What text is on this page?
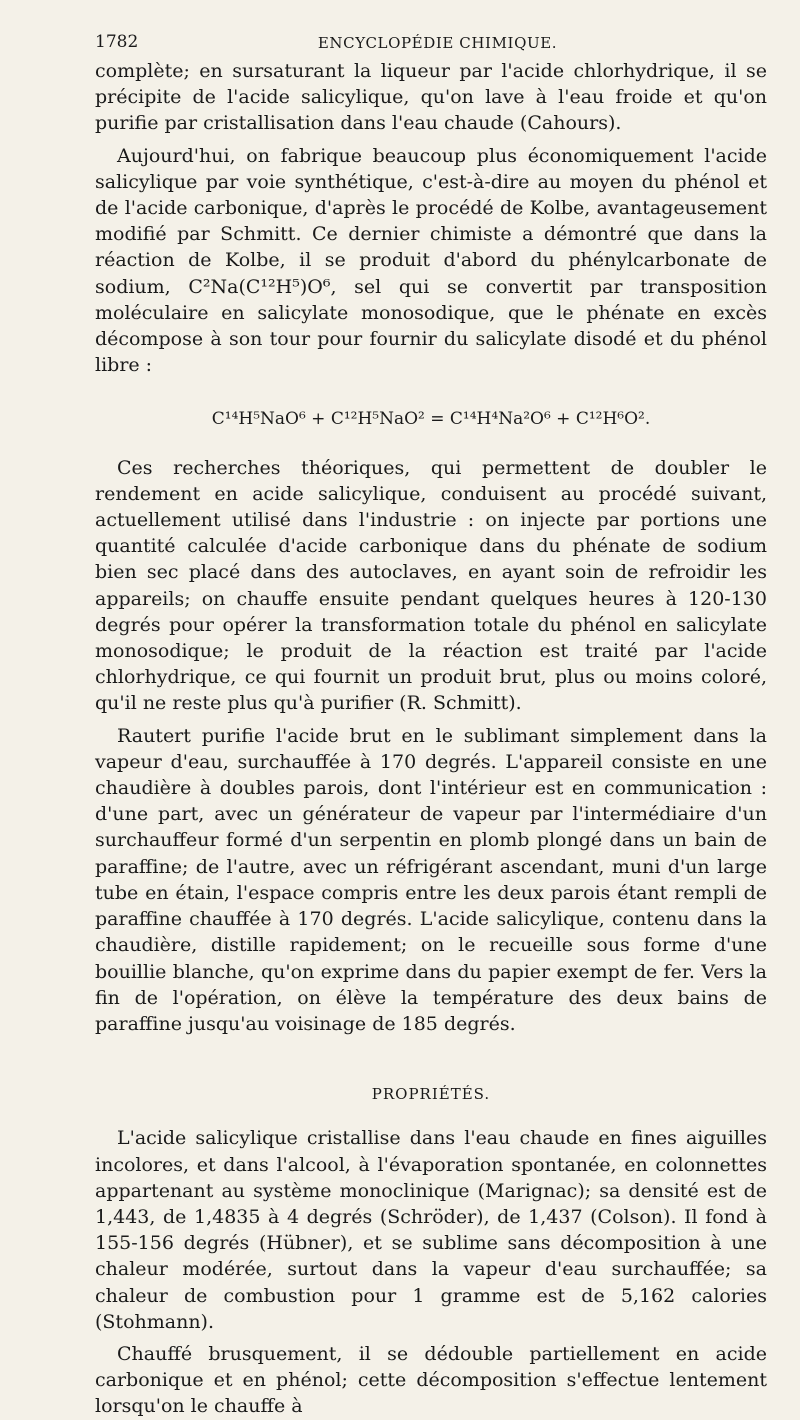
1782	ENCYCLOPÉDIE CHIMIQUE.

complète; en sursaturant la liqueur par l'acide chlorhydrique, il se précipite de l'acide salicylique, qu'on lave à l'eau froide et qu'on purifie par cristallisation dans l'eau chaude (Cahours).

Aujourd'hui, on fabrique beaucoup plus économiquement l'acide salicylique par voie synthétique, c'est-à-dire au moyen du phénol et de l'acide carbonique, d'après le procédé de Kolbe, avantageusement modifié par Schmitt. Ce dernier chimiste a démontré que dans la réaction de Kolbe, il se produit d'abord du phénylcarbonate de sodium, C²Na(C¹²H⁵)O⁶, sel qui se convertit par transposition moléculaire en salicylate monosodique, que le phénate en excès décompose à son tour pour fournir du salicylate disodé et du phénol libre :

C¹⁴H⁵NaO⁶ + C¹²H⁵NaO² = C¹⁴H⁴Na²O⁶ + C¹²H⁶O².

Ces recherches théoriques, qui permettent de doubler le rendement en acide salicylique, conduisent au procédé suivant, actuellement utilisé dans l'industrie : on injecte par portions une quantité calculée d'acide carbonique dans du phénate de sodium bien sec placé dans des autoclaves, en ayant soin de refroidir les appareils; on chauffe ensuite pendant quelques heures à 120-130 degrés pour opérer la transformation totale du phénol en salicylate monosodique; le produit de la réaction est traité par l'acide chlorhydrique, ce qui fournit un produit brut, plus ou moins coloré, qu'il ne reste plus qu'à purifier (R. Schmitt).

Rautert purifie l'acide brut en le sublimant simplement dans la vapeur d'eau, surchauffée à 170 degrés. L'appareil consiste en une chaudière à doubles parois, dont l'intérieur est en communication : d'une part, avec un générateur de vapeur par l'intermédiaire d'un surchauffeur formé d'un serpentin en plomb plongé dans un bain de paraffine; de l'autre, avec un réfrigérant ascendant, muni d'un large tube en étain, l'espace compris entre les deux parois étant rempli de paraffine chauffée à 170 degrés. L'acide salicylique, contenu dans la chaudière, distille rapidement; on le recueille sous forme d'une bouillie blanche, qu'on exprime dans du papier exempt de fer. Vers la fin de l'opération, on élève la température des deux bains de paraffine jusqu'au voisinage de 185 degrés.

PROPRIÉTÉS.

L'acide salicylique cristallise dans l'eau chaude en fines aiguilles incolores, et dans l'alcool, à l'évaporation spontanée, en colonnettes appartenant au système monoclinique (Marignac); sa densité est de 1,443, de 1,4835 à 4 degrés (Schröder), de 1,437 (Colson). Il fond à 155-156 degrés (Hübner), et se sublime sans décomposition à une chaleur modérée, surtout dans la vapeur d'eau surchauffée; sa chaleur de combustion pour 1 gramme est de 5,162 calories (Stohmann).

Chauffé brusquement, il se dédouble partiellement en acide carbonique et en phénol; cette décomposition s'effectue lentement lorsqu'on le chauffe à
